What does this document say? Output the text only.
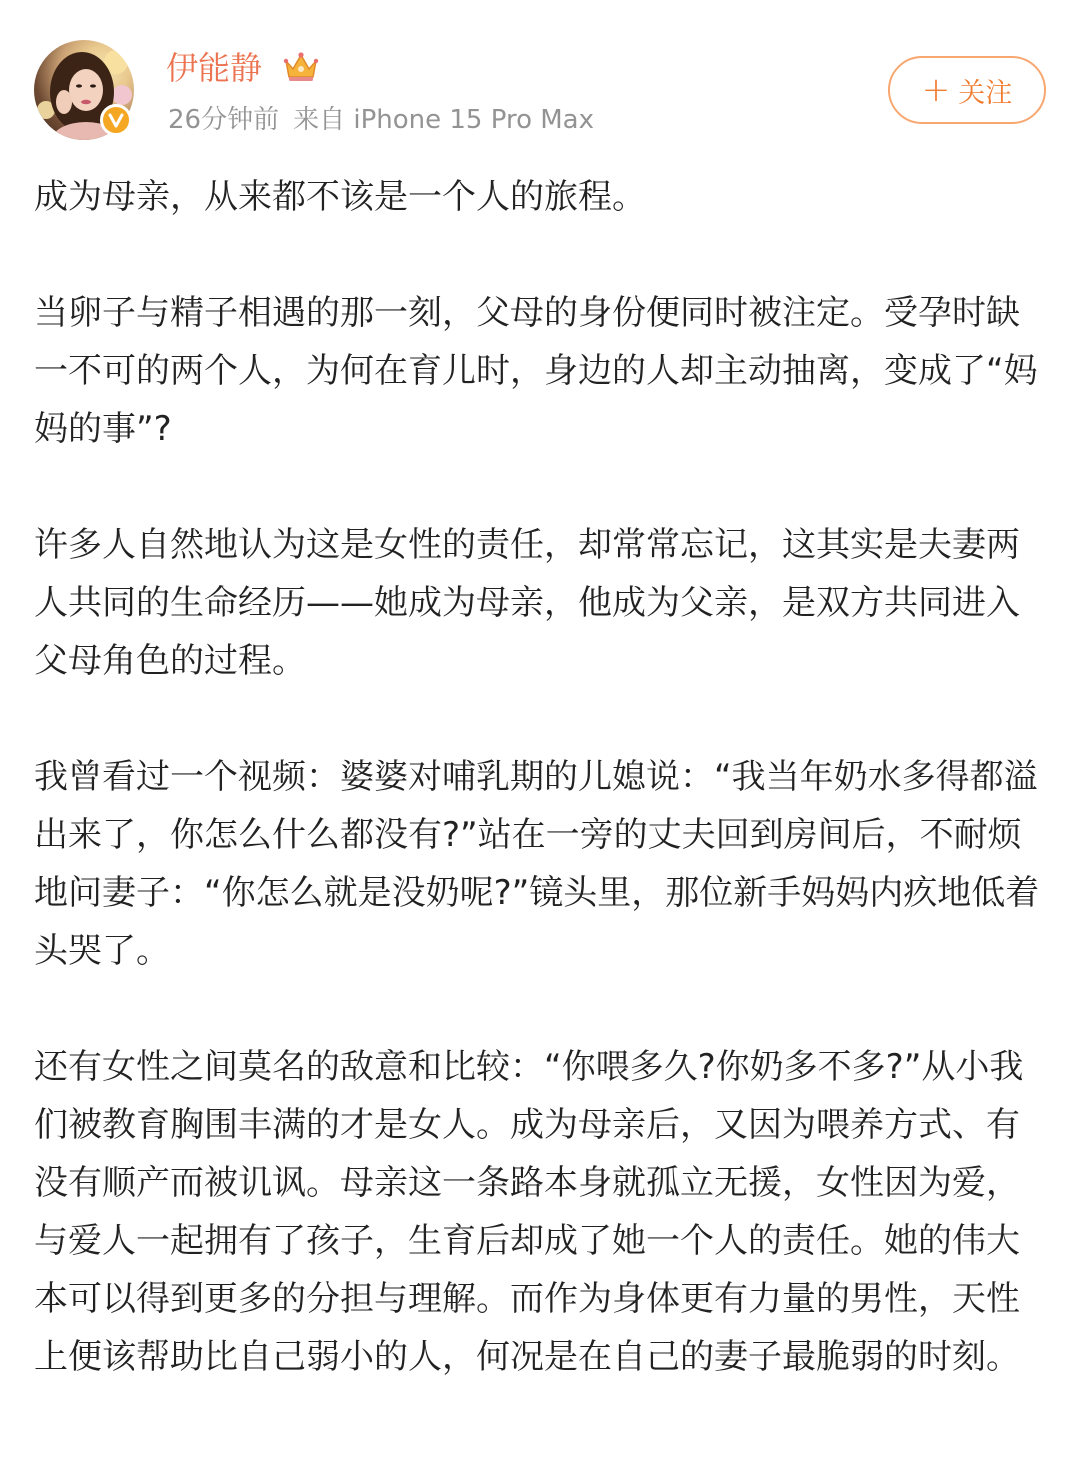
伊能静
26分钟前 来自 iPhone 15 Pro Max
+ 关注

成为母亲，从来都不该是一个人的旅程。

当卵子与精子相遇的那一刻，父母的身份便同时被注定。受孕时缺一不可的两个人，为何在育儿时，身边的人却主动抽离，变成了“妈妈的事”?

许多人自然地认为这是女性的责任，却常常忘记，这其实是夫妻两人共同的生命经历——她成为母亲，他成为父亲，是双方共同进入父母角色的过程。

我曾看过一个视频：婆婆对哺乳期的儿媳说：“我当年奶水多得都溢出来了，你怎么什么都没有?”站在一旁的丈夫回到房间后，不耐烦地问妻子：“你怎么就是没奶呢?”镜头里，那位新手妈妈内疚地低着头哭了。

还有女性之间莫名的敌意和比较：“你喂多久?你奶多不多?”从小我们被教育胸围丰满的才是女人。成为母亲后，又因为喂养方式、有没有顺产而被讥讽。母亲这一条路本身就孤立无援，女性因为爱，与爱人一起拥有了孩子，生育后却成了她一个人的责任。她的伟大本可以得到更多的分担与理解。而作为身体更有力量的男性，天性上便该帮助比自己弱小的人，何况是在自己的妻子最脆弱的时刻。
